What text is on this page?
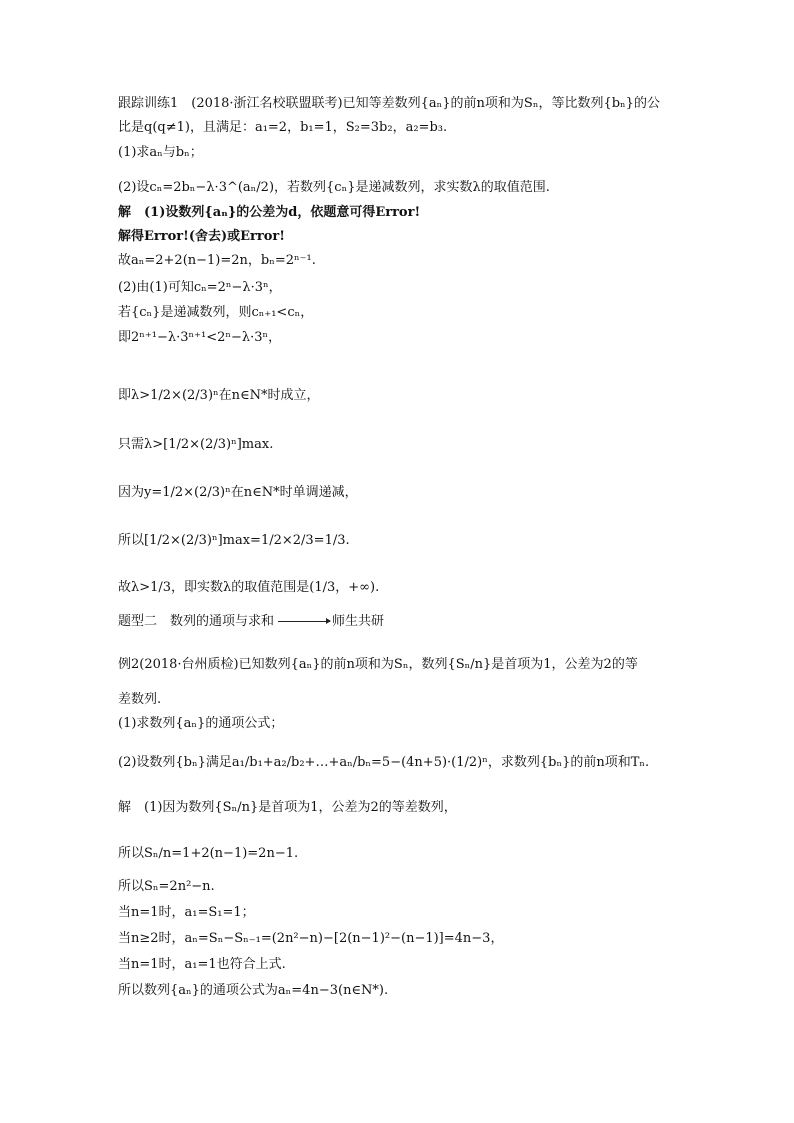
跟踪训练1　(2018·浙江名校联盟联考)已知等差数列{aₙ}的前n项和为Sₙ，等比数列{bₙ}的公
比是q(q≠1)，且满足：a₁=2，b₁=1，S₂=3b₂，a₂=b₃.
(1)求aₙ与bₙ；
(2)设cₙ=2bₙ−λ·3^(aₙ/2)，若数列{cₙ}是递减数列，求实数λ的取值范围.
解　(1)设数列{aₙ}的公差为d，依题意可得Error!
解得Error!(舍去)或Error!
故aₙ=2+2(n−1)=2n，bₙ=2ⁿ⁻¹.
(2)由(1)可知cₙ=2ⁿ−λ·3ⁿ，
若{cₙ}是递减数列，则cₙ₊₁<cₙ，
即2ⁿ⁺¹−λ·3ⁿ⁺¹<2ⁿ−λ·3ⁿ，
即λ>1/2×(2/3)ⁿ在n∈N*时成立，
只需λ>[1/2×(2/3)ⁿ]max.
因为y=1/2×(2/3)ⁿ在n∈N*时单调递减，
所以[1/2×(2/3)ⁿ]max=1/2×2/3=1/3.
故λ>1/3，即实数λ的取值范围是(1/3，+∞).
题型二　数列的通项与求和	师生共研
例2(2018·台州质检)已知数列{aₙ}的前n项和为Sₙ，数列{Sₙ/n}是首项为1，公差为2的等
差数列.
(1)求数列{aₙ}的通项公式；
(2)设数列{bₙ}满足a₁/b₁+a₂/b₂+…+aₙ/bₙ=5−(4n+5)·(1/2)ⁿ，求数列{bₙ}的前n项和Tₙ.
解　(1)因为数列{Sₙ/n}是首项为1，公差为2的等差数列，
所以Sₙ/n=1+2(n−1)=2n−1.
所以Sₙ=2n²−n.
当n=1时，a₁=S₁=1；
当n≥2时，aₙ=Sₙ−Sₙ₋₁=(2n²−n)−[2(n−1)²−(n−1)]=4n−3，
当n=1时，a₁=1也符合上式.
所以数列{aₙ}的通项公式为aₙ=4n−3(n∈N*).
